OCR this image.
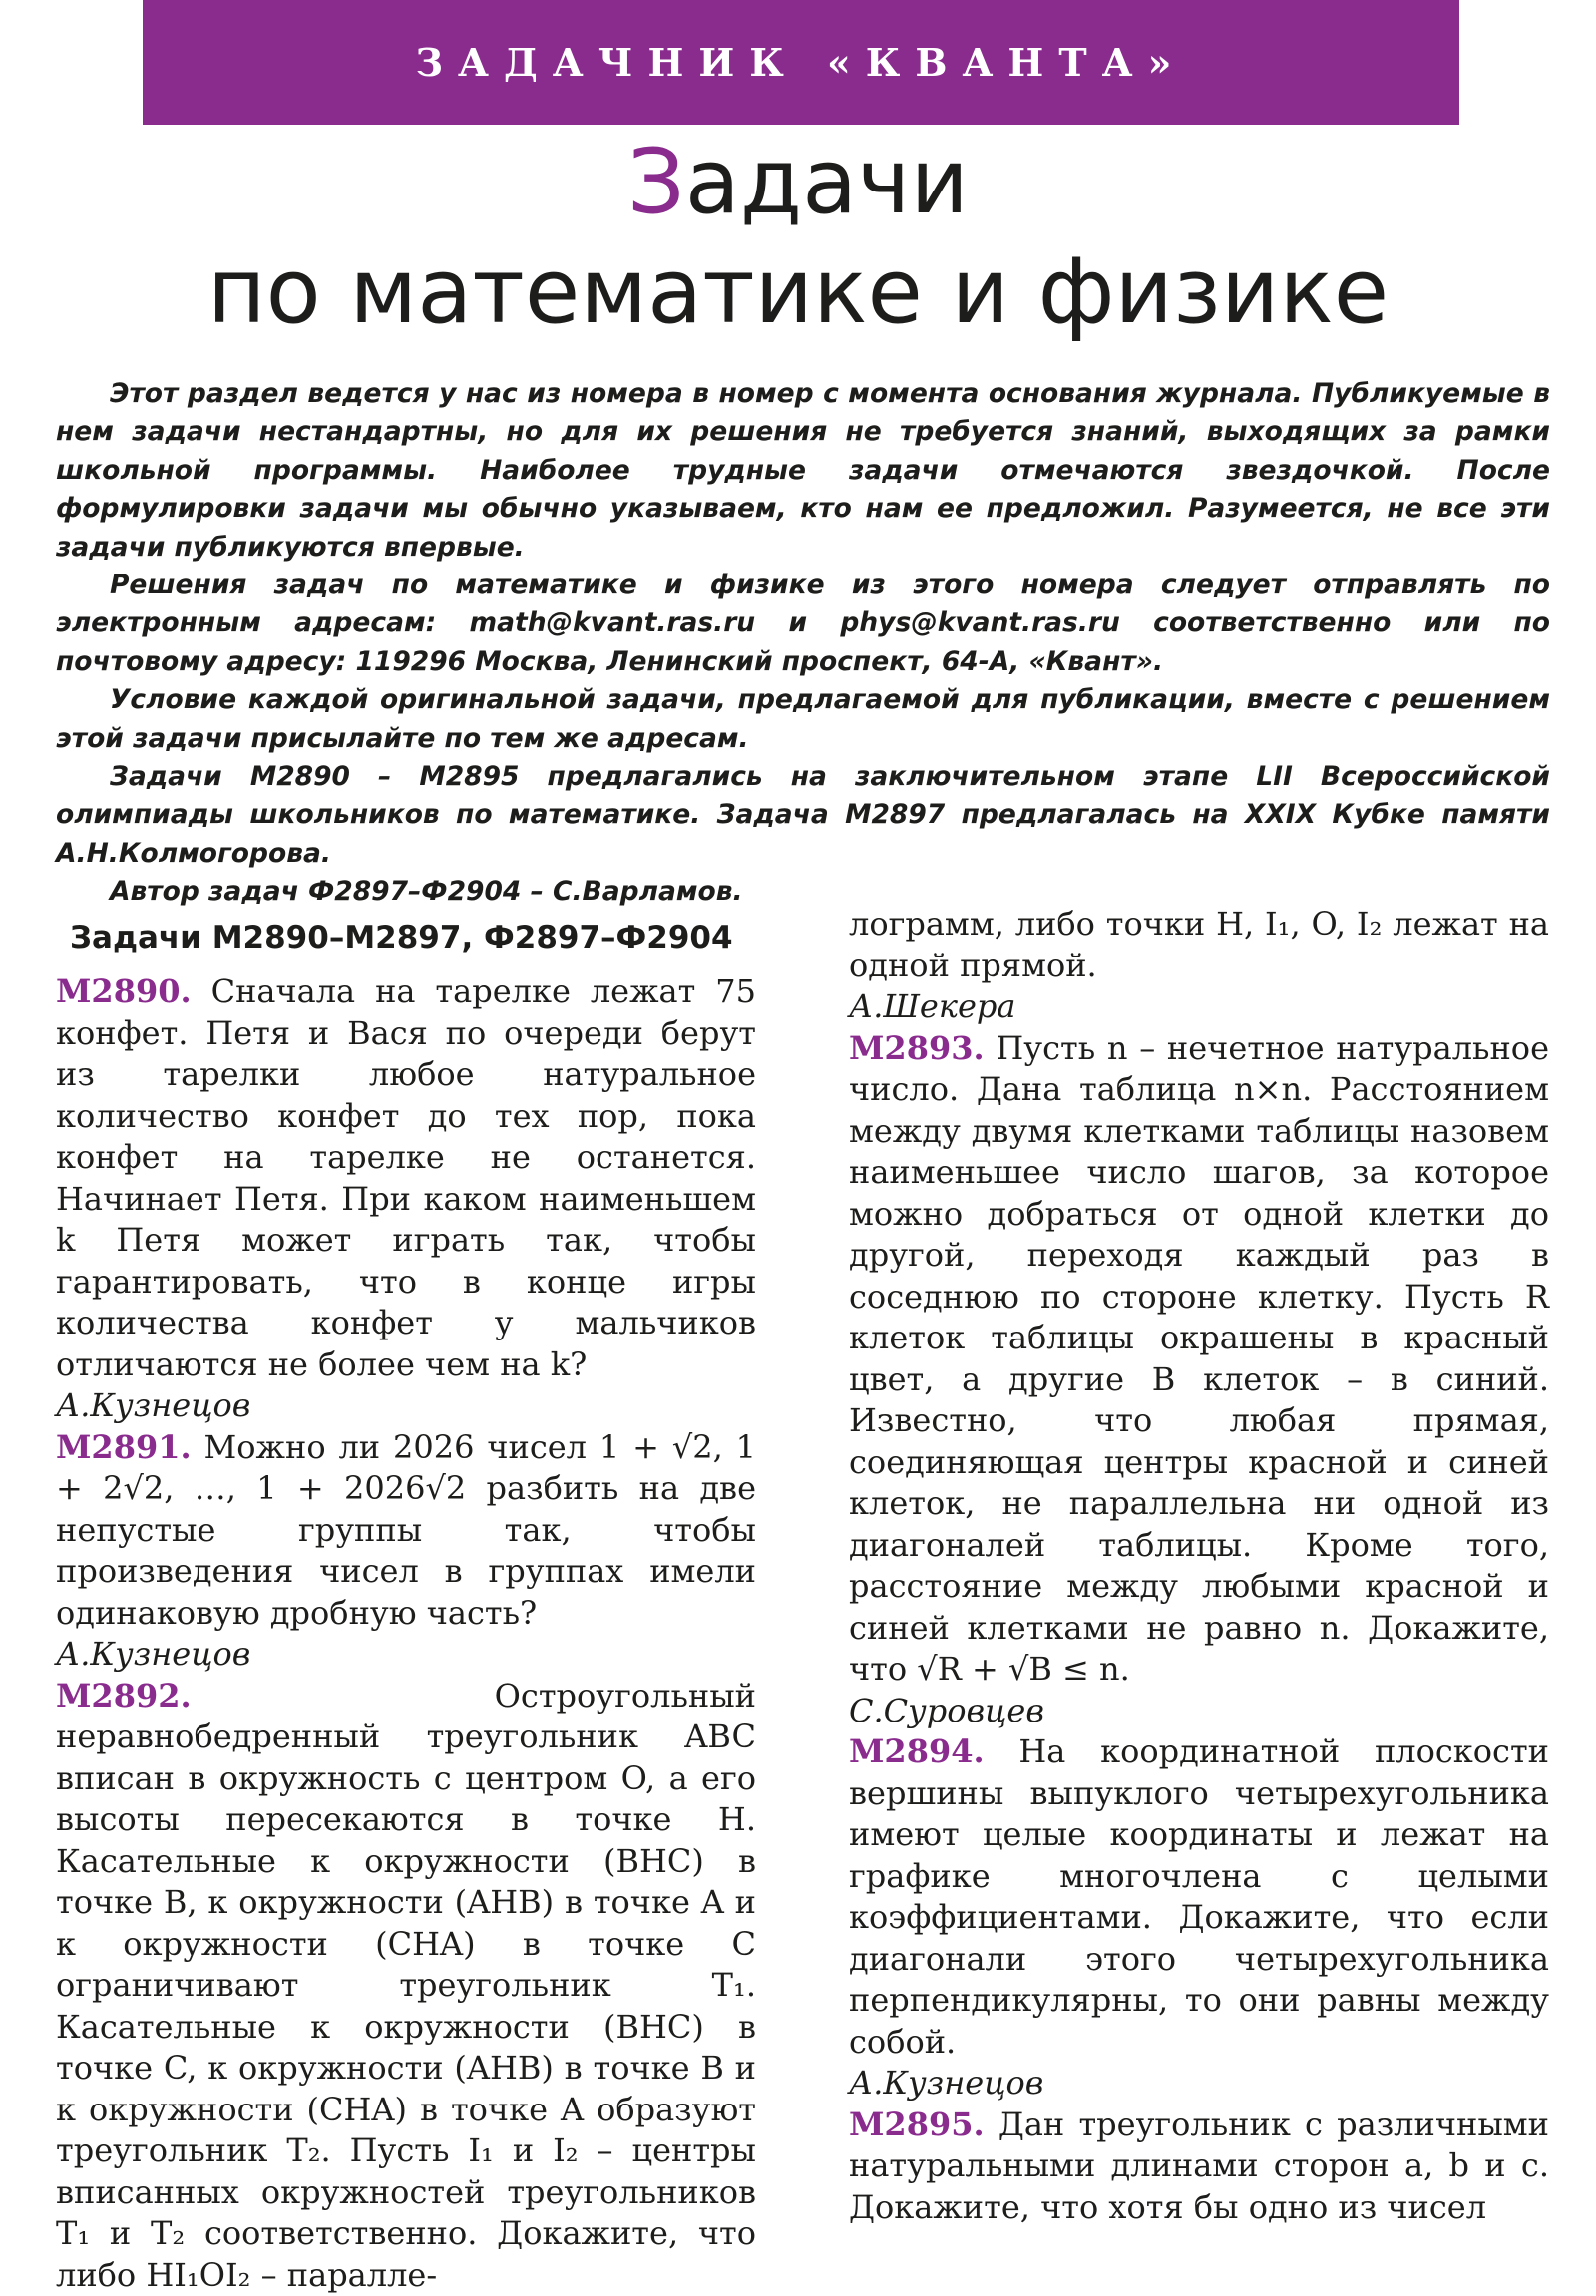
ЗАДАЧНИК «КВАНТА»
Задачи
по математике и физике

Этот раздел ведется у нас из номера в номер с момента основания журнала. Публикуемые в нем задачи нестандартны, но для их решения не требуется знаний, выходящих за рамки школьной программы. Наиболее трудные задачи отмечаются звездочкой. После формулировки задачи мы обычно указываем, кто нам ее предложил. Разумеется, не все эти задачи публикуются впервые.

Решения задач по математике и физике из этого номера следует отправлять по электронным адресам: math@kvant.ras.ru и phys@kvant.ras.ru соответственно или по почтовому адресу: 119296 Москва, Ленинский проспект, 64-А, «Квант».

Условие каждой оригинальной задачи, предлагаемой для публикации, вместе с решением этой задачи присылайте по тем же адресам.

Задачи М2890 – М2895 предлагались на заключительном этапе LII Всероссийской олимпиады школьников по математике. Задача М2897 предлагалась на XXIX Кубке памяти А.Н.Колмогорова.

Автор задач Ф2897–Ф2904 – С.Варламов.

Задачи М2890–М2897, Ф2897–Ф2904

М2890. Сначала на тарелке лежат 75 конфет. Петя и Вася по очереди берут из тарелки любое натуральное количество конфет до тех пор, пока конфет на тарелке не останется. Начинает Петя. При каком наименьшем k Петя может играть так, чтобы гарантировать, что в конце игры количества конфет у мальчиков отличаются не более чем на k?

А.Кузнецов

М2891. Можно ли 2026 чисел 1 + √2, 1 + 2√2, …, 1 + 2026√2 разбить на две непустые группы так, чтобы произведения чисел в группах имели одинаковую дробную часть?

А.Кузнецов

М2892.	Остроугольный неравнобедренный треугольник ABC вписан в окружность с центром O, а его высоты пересекаются в точке H. Касательные к окружности (BHC) в точке B, к окружности (AHB) в точке A и к окружности (CHA) в точке C ограничивают треугольник T₁. Касательные к окружности (BHC) в точке C, к окружности (AHB) в точке B и к окружности (CHA) в точке A образуют треугольник T₂. Пусть I₁ и I₂ – центры вписанных окружностей треугольников T₁ и T₂ соответственно. Докажите, что либо HI₁OI₂ – паралле-

лограмм, либо точки H, I₁, O, I₂ лежат на одной прямой.

А.Шекера

М2893. Пусть n – нечетное натуральное число. Дана таблица n×n. Расстоянием между двумя клетками таблицы назовем наименьшее число шагов, за которое можно добраться от одной клетки до другой, переходя каждый раз в соседнюю по стороне клетку. Пусть R клеток таблицы окрашены в красный цвет, а другие B клеток – в синий. Известно, что любая прямая, соединяющая центры красной и синей клеток, не параллельна ни одной из диагоналей таблицы. Кроме того, расстояние между любыми красной и синей клетками не равно n. Докажите, что √R + √B ≤ n.

С.Суровцев

М2894. На координатной плоскости вершины выпуклого четырехугольника имеют целые координаты и лежат на графике многочлена с целыми коэффициентами. Докажите, что если диагонали этого четырехугольника перпендикулярны, то они равны между собой.

А.Кузнецов

М2895. Дан треугольник с различными натуральными длинами сторон a, b и c. Докажите, что хотя бы одно из чисел
